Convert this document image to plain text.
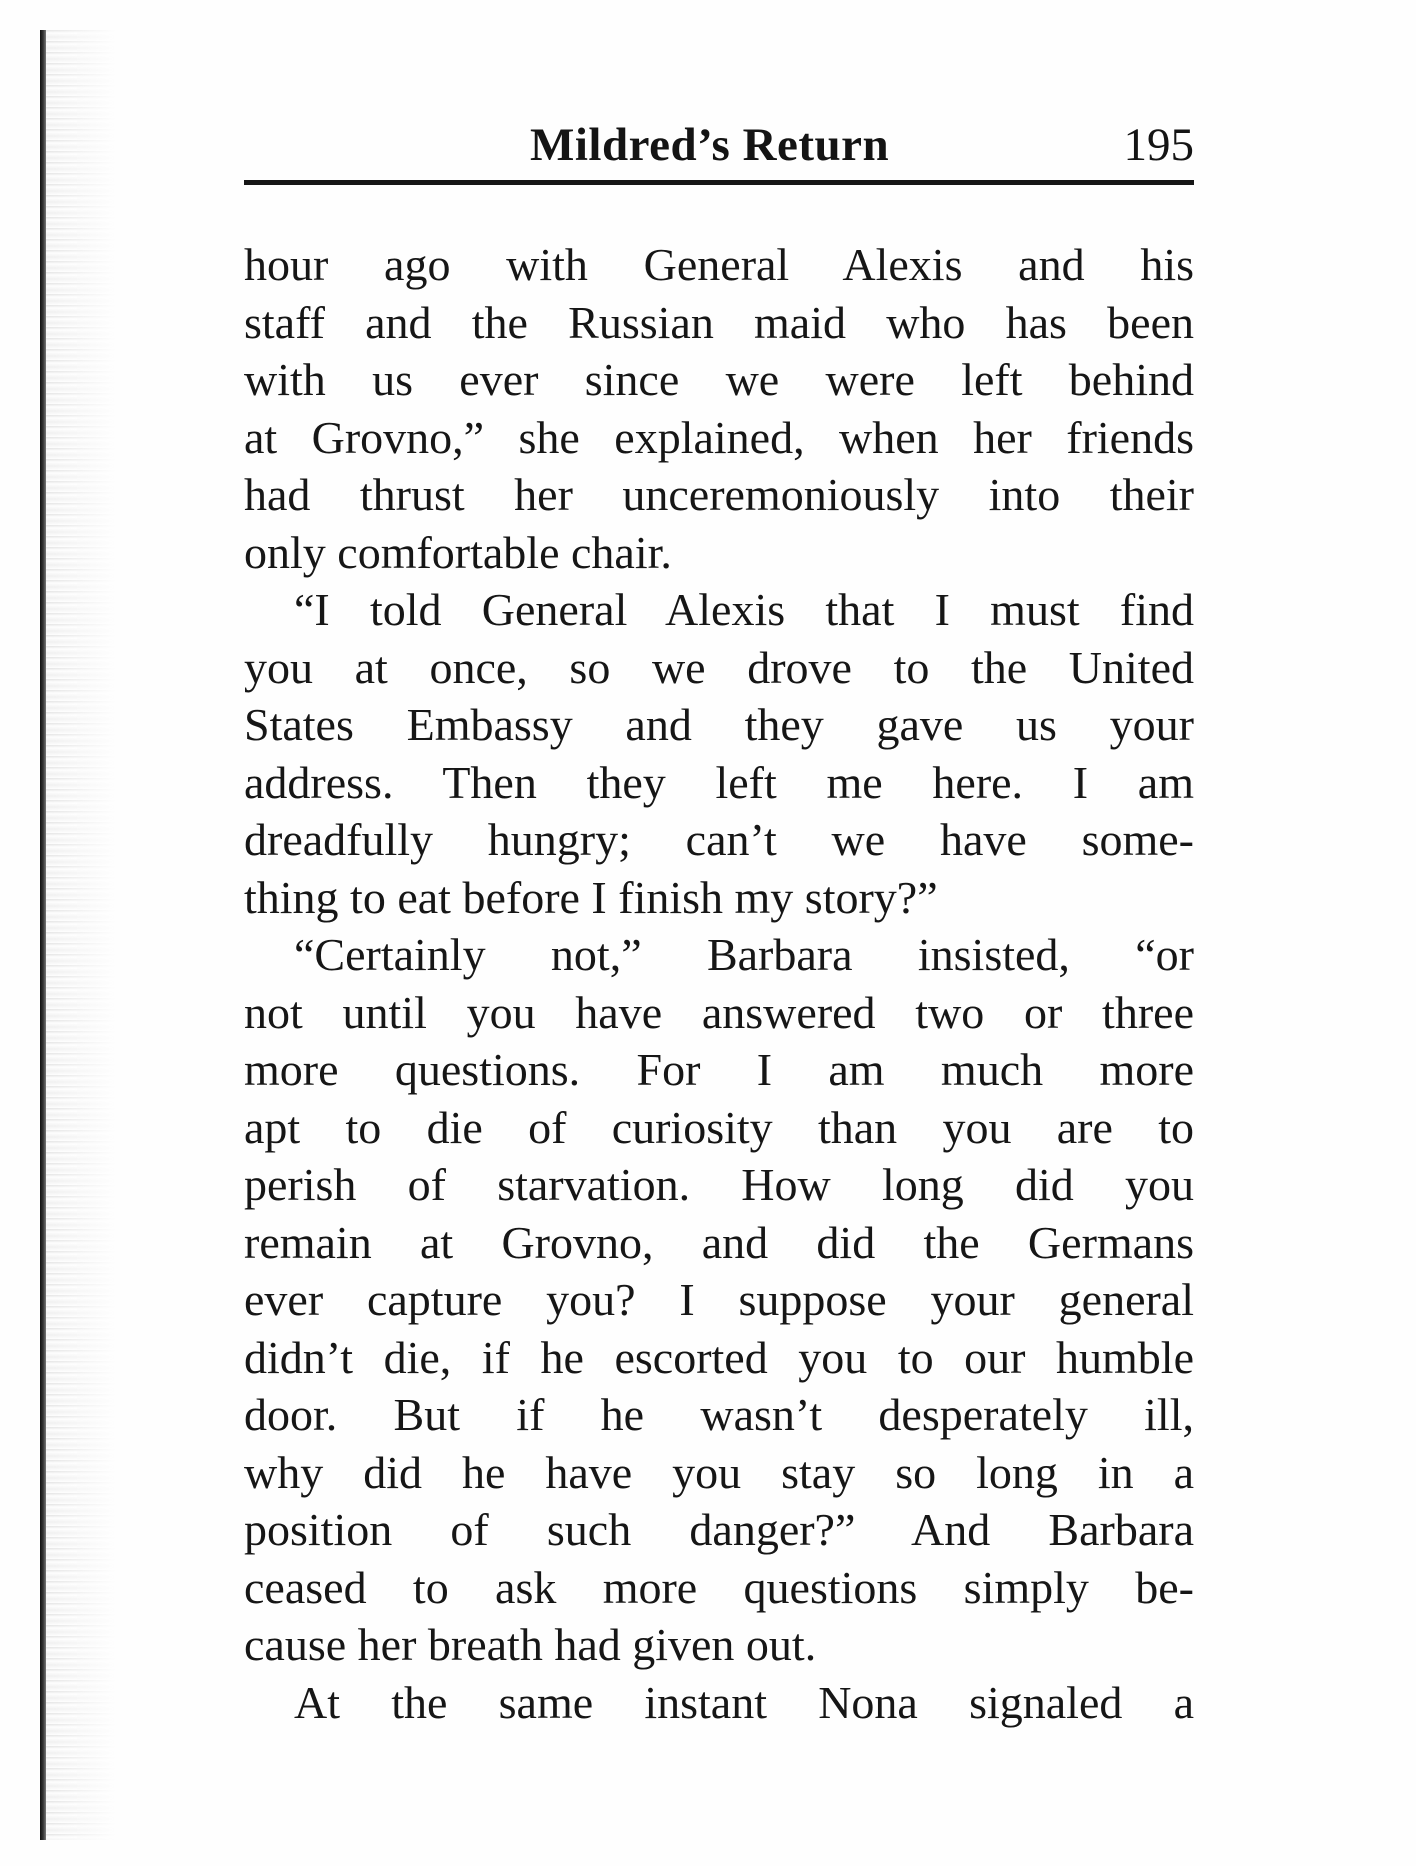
Mildred’s Return	195
hour ago with General Alexis and his
staff and the Russian maid who has been
with us ever since we were left behind
at Grovno,” she explained, when her friends
had thrust her unceremoniously into their
only comfortable chair.
“I told General Alexis that I must find
you at once, so we drove to the United
States Embassy and they gave us your
address. Then they left me here. I am
dreadfully hungry; can’t we have some-
thing to eat before I finish my story?”
“Certainly not,” Barbara insisted, “or
not until you have answered two or three
more questions. For I am much more
apt to die of curiosity than you are to
perish of starvation. How long did you
remain at Grovno, and did the Germans
ever capture you? I suppose your general
didn’t die, if he escorted you to our humble
door. But if he wasn’t desperately ill,
why did he have you stay so long in a
position of such danger?” And Barbara
ceased to ask more questions simply be-
cause her breath had given out.
At the same instant Nona signaled a
